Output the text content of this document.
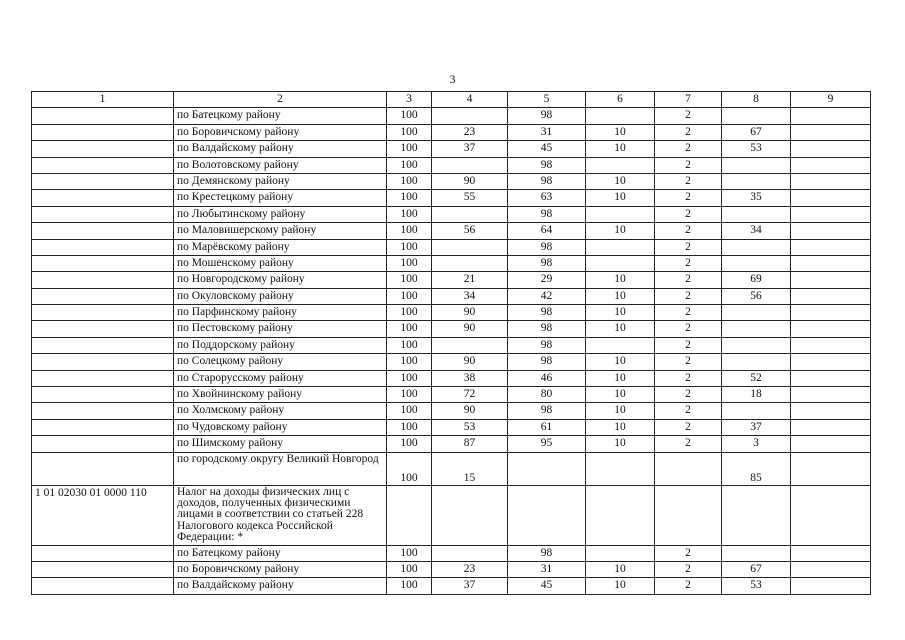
3
1	2	3	4	5	6	7	8	9
	по Батецкому району	100		98		2		
	по Боровичскому району	100	23	31	10	2	67	
	по Валдайскому району	100	37	45	10	2	53	
	по Волотовскому району	100		98		2		
	по Демянскому району	100	90	98	10	2		
	по Крестецкому району	100	55	63	10	2	35	
	по Любытинскому району	100		98		2		
	по Маловишерскому району	100	56	64	10	2	34	
	по Марёвскому району	100		98		2		
	по Мошенскому району	100		98		2		
	по Новгородскому району	100	21	29	10	2	69	
	по Окуловскому району	100	34	42	10	2	56	
	по Парфинскому району	100	90	98	10	2		
	по Пестовскому району	100	90	98	10	2		
	по Поддорскому району	100		98		2		
	по Солецкому району	100	90	98	10	2		
	по Старорусскому району	100	38	46	10	2	52	
	по Хвойнинскому району	100	72	80	10	2	18	
	по Холмскому району	100	90	98	10	2		
	по Чудовскому району	100	53	61	10	2	37	
	по Шимскому району	100	87	95	10	2	3	
	по городскому округу Великий Новгород	100	15				85	
1 01 02030 01 0000 110	Налог на доходы физических лиц с доходов, полученных физическими лицами в соответствии со статьей 228 Налогового кодекса Российской Федерации: *							
	по Батецкому району	100		98		2		
	по Боровичскому району	100	23	31	10	2	67	
	по Валдайскому району	100	37	45	10	2	53	
